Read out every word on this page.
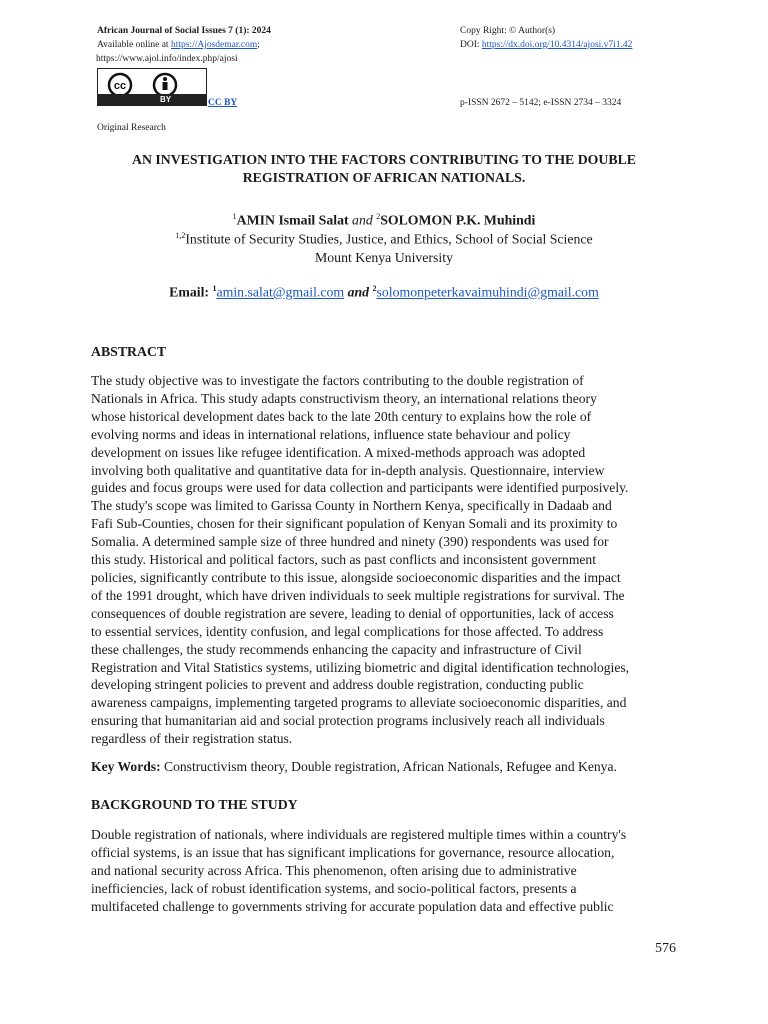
African Journal of Social Issues 7 (1): 2024
Available online at https://Ajosdemar.com;
https://www.ajol.info/index.php/ajosi
cc
BY	CC BY
Copy Right: © Author(s)
DOI: https://dx.doi.org/10.4314/ajosi.v7i1.42
p-ISSN 2672 – 5142; e-ISSN 2734 – 3324
Original Research
AN INVESTIGATION INTO THE FACTORS CONTRIBUTING TO THE DOUBLE
REGISTRATION OF AFRICAN NATIONALS.
$^1$AMIN Ismail Salat and $^2$SOLOMON P.K. Muhindi
$^{1,2}$Institute of Security Studies, Justice, and Ethics, School of Social Science
Mount Kenya University
Email: $^1$amin.salat@gmail.com and $^2$solomonpeterkavaimuhindi@gmail.com
ABSTRACT
The study objective was to investigate the factors contributing to the double registration of
Nationals in Africa. This study adapts constructivism theory, an international relations theory
whose historical development dates back to the late 20th century to explains how the role of
evolving norms and ideas in international relations, influence state behaviour and policy
development on issues like refugee identification. A mixed-methods approach was adopted
involving both qualitative and quantitative data for in-depth analysis. Questionnaire, interview
guides and focus groups were used for data collection and participants were identified purposively.
The study's scope was limited to Garissa County in Northern Kenya, specifically in Dadaab and
Fafi Sub-Counties, chosen for their significant population of Kenyan Somali and its proximity to
Somalia. A determined sample size of three hundred and ninety (390) respondents was used for
this study. Historical and political factors, such as past conflicts and inconsistent government
policies, significantly contribute to this issue, alongside socioeconomic disparities and the impact
of the 1991 drought, which have driven individuals to seek multiple registrations for survival. The
consequences of double registration are severe, leading to denial of opportunities, lack of access
to essential services, identity confusion, and legal complications for those affected. To address
these challenges, the study recommends enhancing the capacity and infrastructure of Civil
Registration and Vital Statistics systems, utilizing biometric and digital identification technologies,
developing stringent policies to prevent and address double registration, conducting public
awareness campaigns, implementing targeted programs to alleviate socioeconomic disparities, and
ensuring that humanitarian aid and social protection programs inclusively reach all individuals
regardless of their registration status.
Key Words: Constructivism theory, Double registration, African Nationals, Refugee and Kenya.
BACKGROUND TO THE STUDY
Double registration of nationals, where individuals are registered multiple times within a country's
official systems, is an issue that has significant implications for governance, resource allocation,
and national security across Africa. This phenomenon, often arising due to administrative
inefficiencies, lack of robust identification systems, and socio-political factors, presents a
multifaceted challenge to governments striving for accurate population data and effective public
576
